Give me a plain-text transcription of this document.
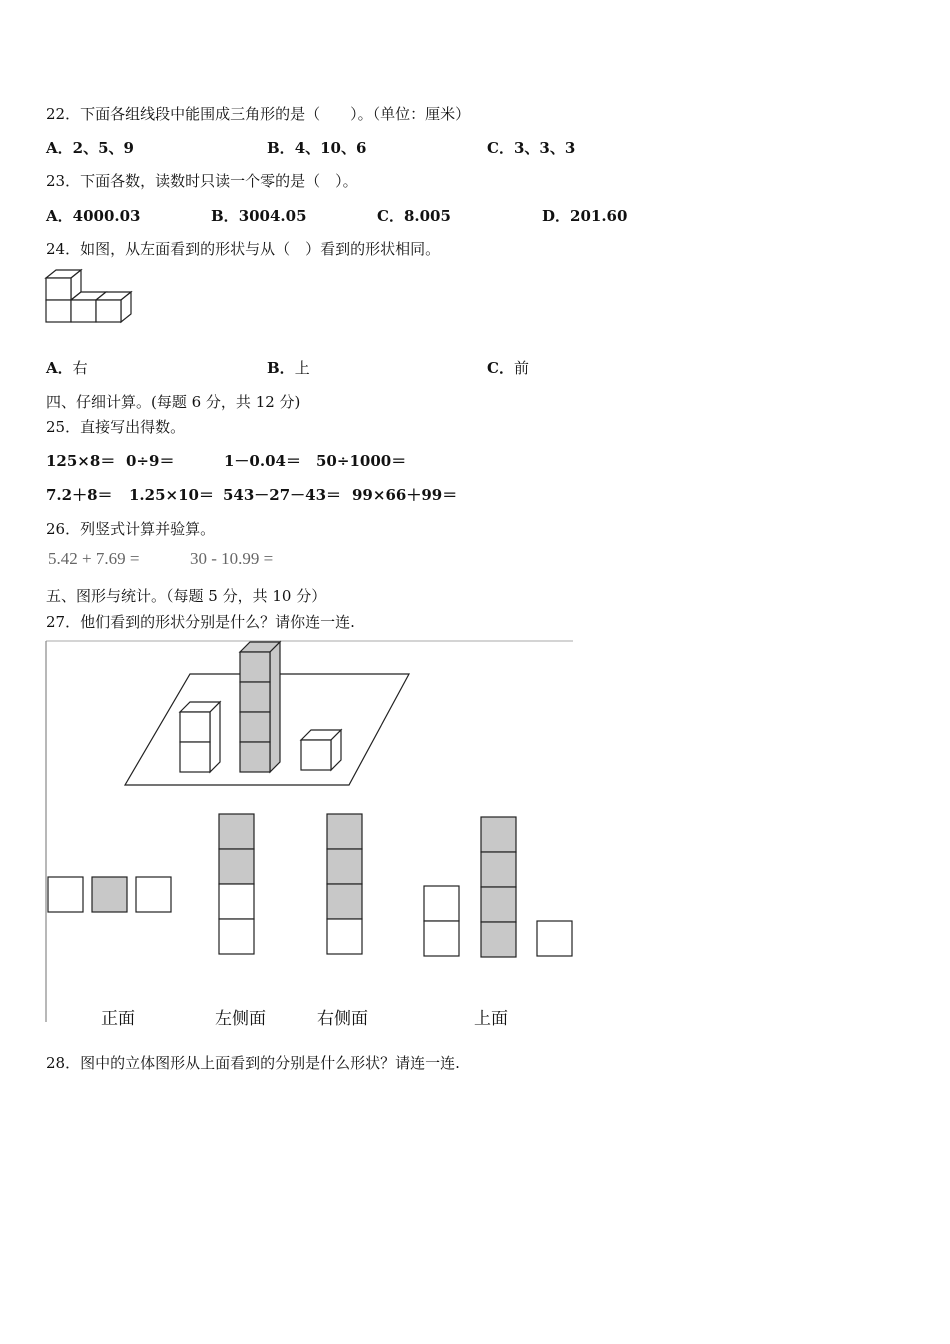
22．下面各组线段中能围成三角形的是（　　）。（单位：厘米）
A．2、5、9	B．4、10、6	C．3、3、3
23．下面各数，读数时只读一个零的是（　）。
A．4000.03	B．3004.05	C．8.005	D．201.60
24．如图，从左面看到的形状与从（　）看到的形状相同。
A．右	B．上	C．前
四、仔细计算。(每题 6 分，共 12 分)
25．直接写出得数。
125×8＝ 0÷9＝	1－0.04＝ 50÷1000＝
7.2＋8＝ 1.25×10＝ 543－27－43＝ 99×66＋99＝
26．列竖式计算并验算。
5.42 + 7.69 =	30 - 10.99 =
五、图形与统计。（每题 5 分，共 10 分）
27．他们看到的形状分别是什么？请你连一连.
正面	左侧面	右侧面	上面
28．图中的立体图形从上面看到的分别是什么形状？请连一连.
